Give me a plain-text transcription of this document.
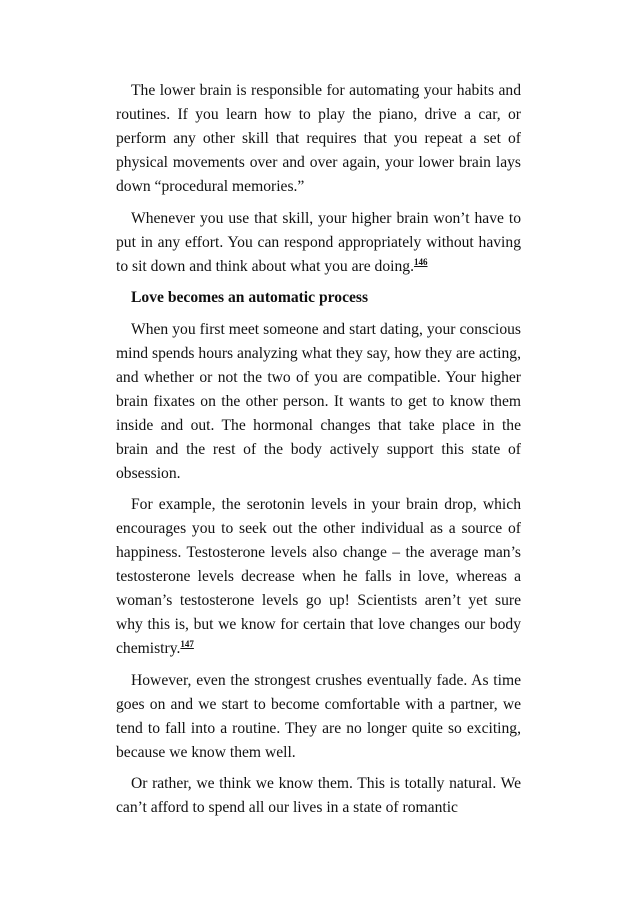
The lower brain is responsible for automating your habits and routines. If you learn how to play the piano, drive a car, or perform any other skill that requires that you repeat a set of physical movements over and over again, your lower brain lays down “procedural memories.”

Whenever you use that skill, your higher brain won’t have to put in any effort. You can respond appropriately without having to sit down and think about what you are doing.$^{146}$

Love becomes an automatic process

When you first meet someone and start dating, your conscious mind spends hours analyzing what they say, how they are acting, and whether or not the two of you are compatible. Your higher brain fixates on the other person. It wants to get to know them inside and out. The hormonal changes that take place in the brain and the rest of the body actively support this state of obsession.

For example, the serotonin levels in your brain drop, which encourages you to seek out the other individual as a source of happiness. Testosterone levels also change – the average man’s testosterone levels decrease when he falls in love, whereas a woman’s testosterone levels go up! Scientists aren’t yet sure why this is, but we know for certain that love changes our body chemistry.$^{147}$

However, even the strongest crushes eventually fade. As time goes on and we start to become comfortable with a partner, we tend to fall into a routine. They are no longer quite so exciting, because we know them well.

Or rather, we think we know them. This is totally natural. We can’t afford to spend all our lives in a state of romantic
